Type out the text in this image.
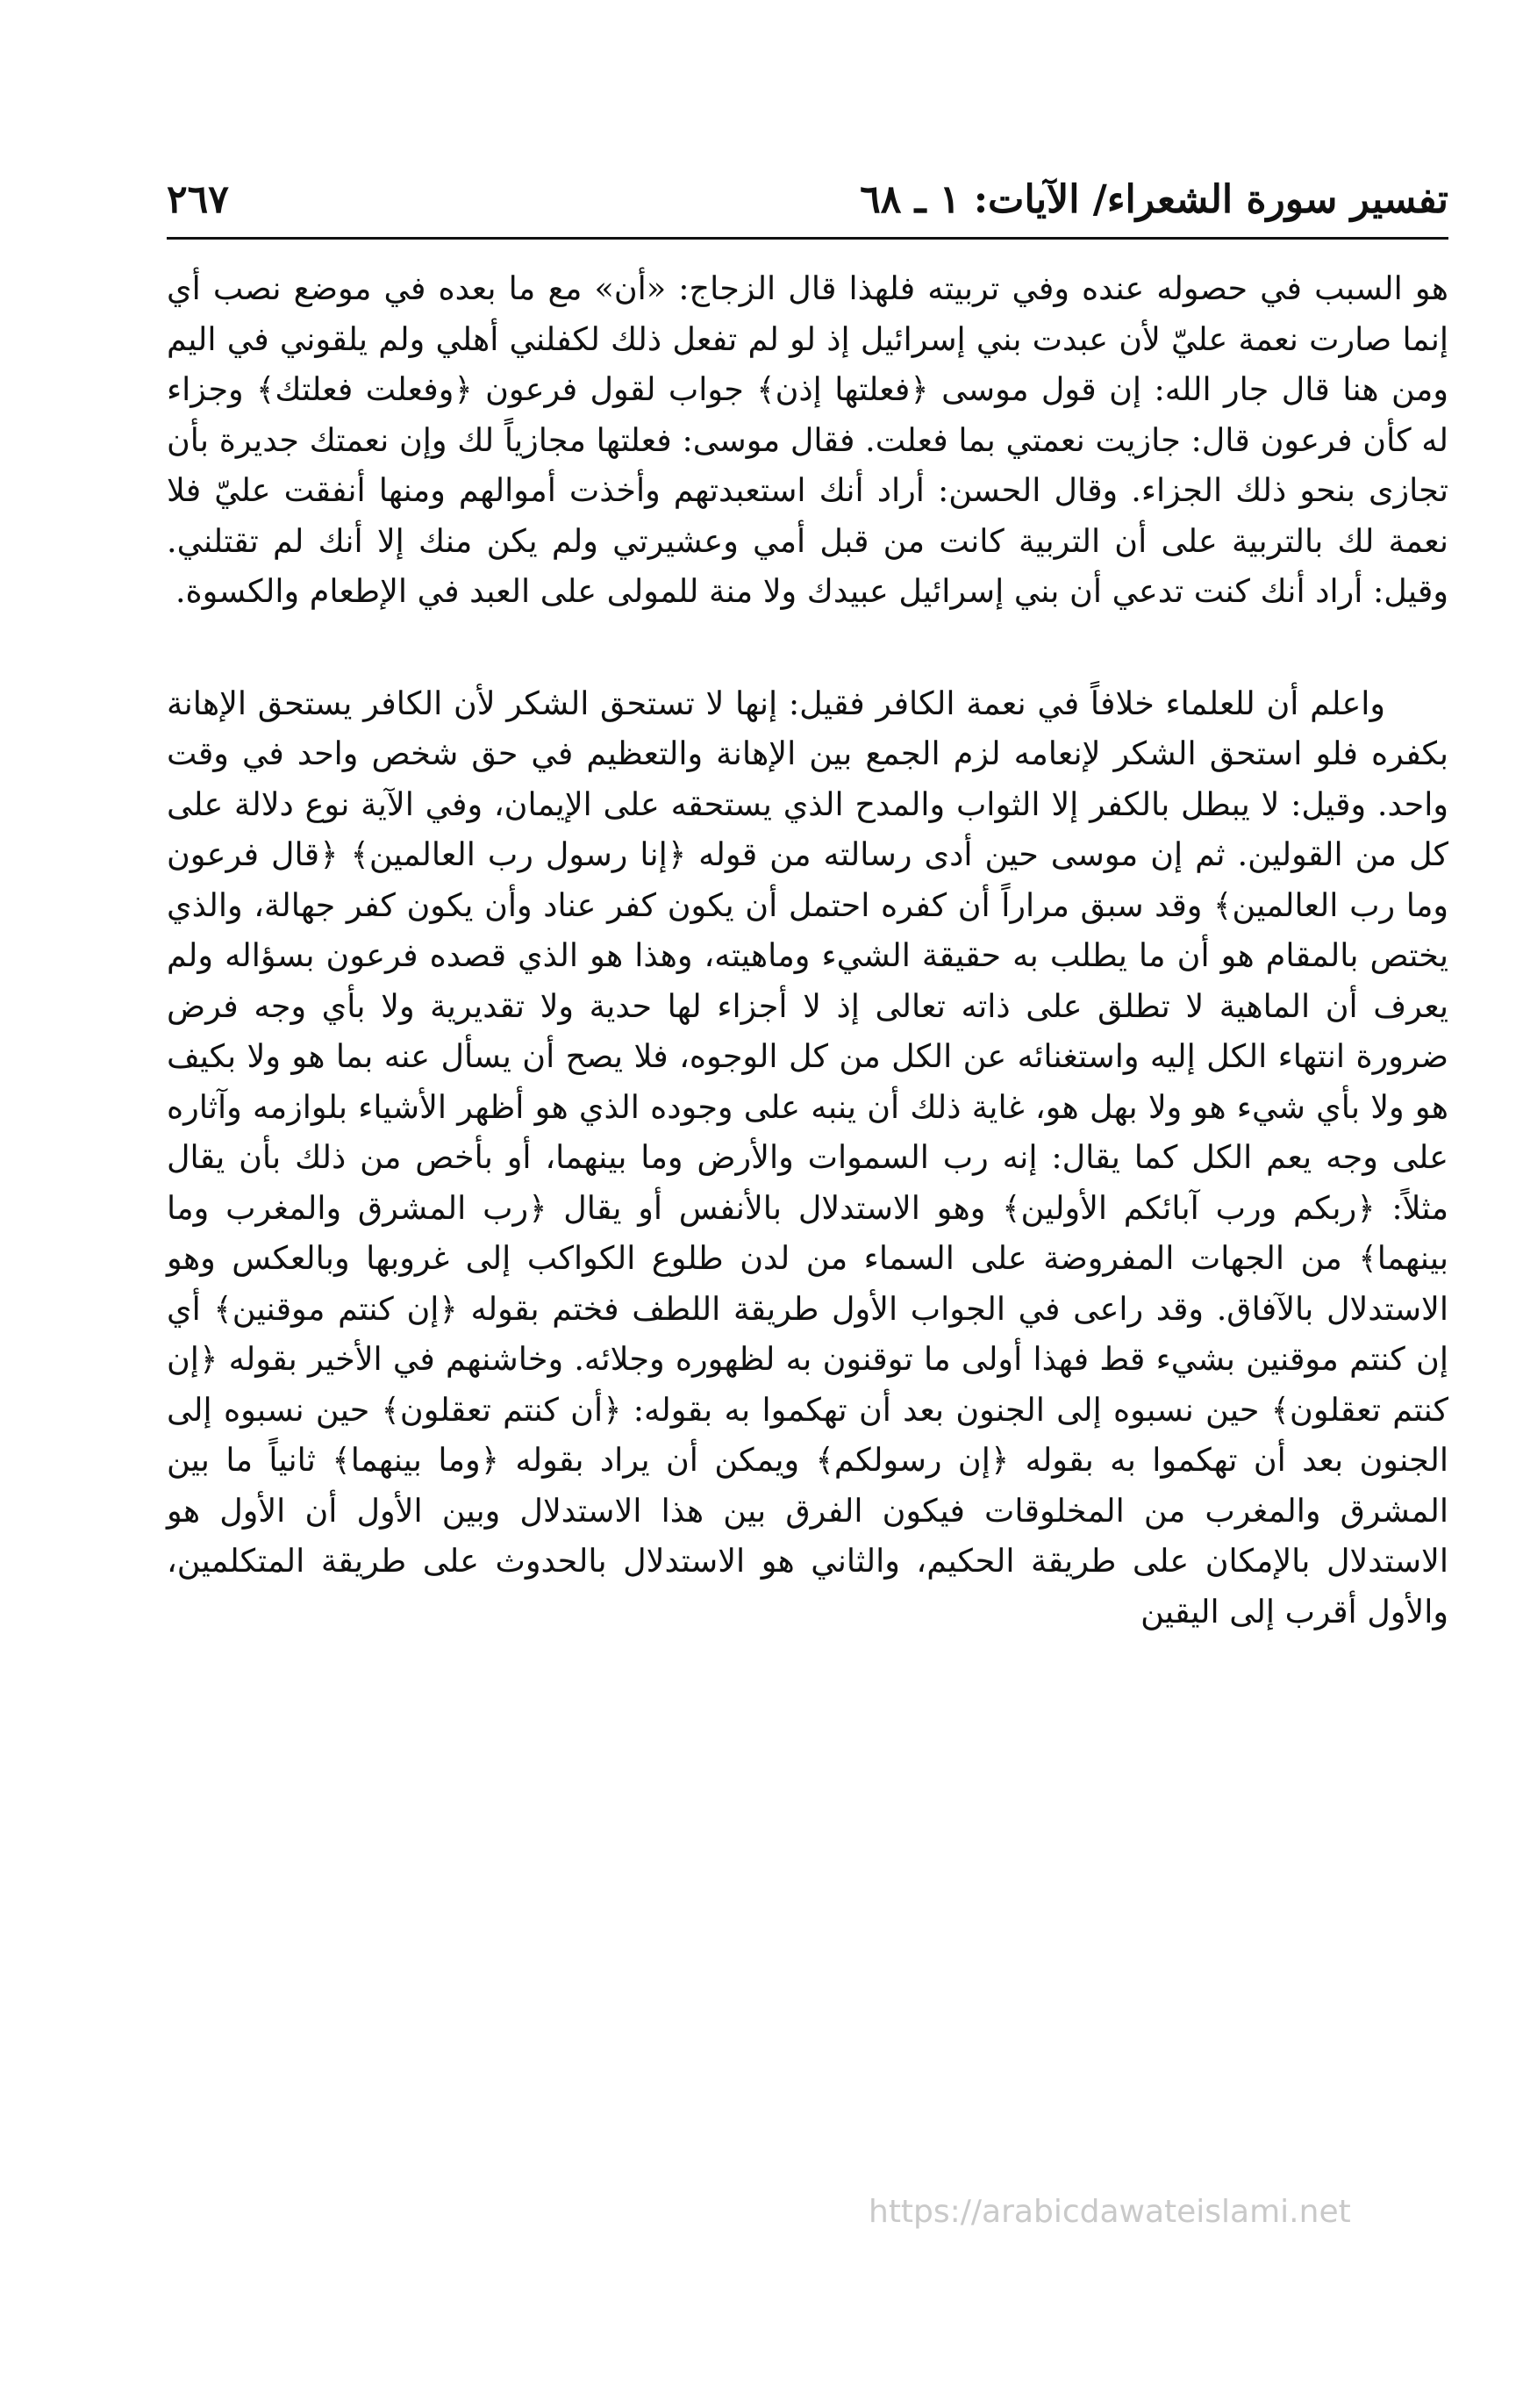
تفسير سورة الشعراء/ الآيات: ١ ـ ٦٨
٢٦٧

هو السبب في حصوله عنده وفي تربيته فلهذا قال الزجاج: «أن» مع ما بعده في موضع نصب أي إنما صارت نعمة عليّ لأن عبدت بني إسرائيل إذ لو لم تفعل ذلك لكفلني أهلي ولم يلقوني في اليم ومن هنا قال جار الله: إن قول موسى ﴿فعلتها إذن﴾ جواب لقول فرعون ﴿وفعلت فعلتك﴾ وجزاء له كأن فرعون قال: جازيت نعمتي بما فعلت. فقال موسى: فعلتها مجازياً لك وإن نعمتك جديرة بأن تجازى بنحو ذلك الجزاء. وقال الحسن: أراد أنك استعبدتهم وأخذت أموالهم ومنها أنفقت عليّ فلا نعمة لك بالتربية على أن التربية كانت من قبل أمي وعشيرتي ولم يكن منك إلا أنك لم تقتلني. وقيل: أراد أنك كنت تدعي أن بني إسرائيل عبيدك ولا منة للمولى على العبد في الإطعام والكسوة.

واعلم أن للعلماء خلافاً في نعمة الكافر فقيل: إنها لا تستحق الشكر لأن الكافر يستحق الإهانة بكفره فلو استحق الشكر لإنعامه لزم الجمع بين الإهانة والتعظيم في حق شخص واحد في وقت واحد. وقيل: لا يبطل بالكفر إلا الثواب والمدح الذي يستحقه على الإيمان، وفي الآية نوع دلالة على كل من القولين. ثم إن موسى حين أدى رسالته من قوله ﴿إنا رسول رب العالمين﴾ ﴿قال فرعون وما رب العالمين﴾ وقد سبق مراراً أن كفره احتمل أن يكون كفر عناد وأن يكون كفر جهالة، والذي يختص بالمقام هو أن ما يطلب به حقيقة الشيء وماهيته، وهذا هو الذي قصده فرعون بسؤاله ولم يعرف أن الماهية لا تطلق على ذاته تعالى إذ لا أجزاء لها حدية ولا تقديرية ولا بأي وجه فرض ضرورة انتهاء الكل إليه واستغنائه عن الكل من كل الوجوه، فلا يصح أن يسأل عنه بما هو ولا بكيف هو ولا بأي شيء هو ولا بهل هو، غاية ذلك أن ينبه على وجوده الذي هو أظهر الأشياء بلوازمه وآثاره على وجه يعم الكل كما يقال: إنه رب السموات والأرض وما بينهما، أو بأخص من ذلك بأن يقال مثلاً: ﴿ربكم ورب آبائكم الأولين﴾ وهو الاستدلال بالأنفس أو يقال ﴿رب المشرق والمغرب وما بينهما﴾ من الجهات المفروضة على السماء من لدن طلوع الكواكب إلى غروبها وبالعكس وهو الاستدلال بالآفاق. وقد راعى في الجواب الأول طريقة اللطف فختم بقوله ﴿إن كنتم موقنين﴾ أي إن كنتم موقنين بشيء قط فهذا أولى ما توقنون به لظهوره وجلائه. وخاشنهم في الأخير بقوله ﴿إن كنتم تعقلون﴾ حين نسبوه إلى الجنون بعد أن تهكموا به بقوله: ﴿أن كنتم تعقلون﴾ حين نسبوه إلى الجنون بعد أن تهكموا به بقوله ﴿إن رسولكم﴾ ويمكن أن يراد بقوله ﴿وما بينهما﴾ ثانياً ما بين المشرق والمغرب من المخلوقات فيكون الفرق بين هذا الاستدلال وبين الأول أن الأول هو الاستدلال بالإمكان على طريقة الحكيم، والثاني هو الاستدلال بالحدوث على طريقة المتكلمين، والأول أقرب إلى اليقين

https://arabicdawateislami.net
